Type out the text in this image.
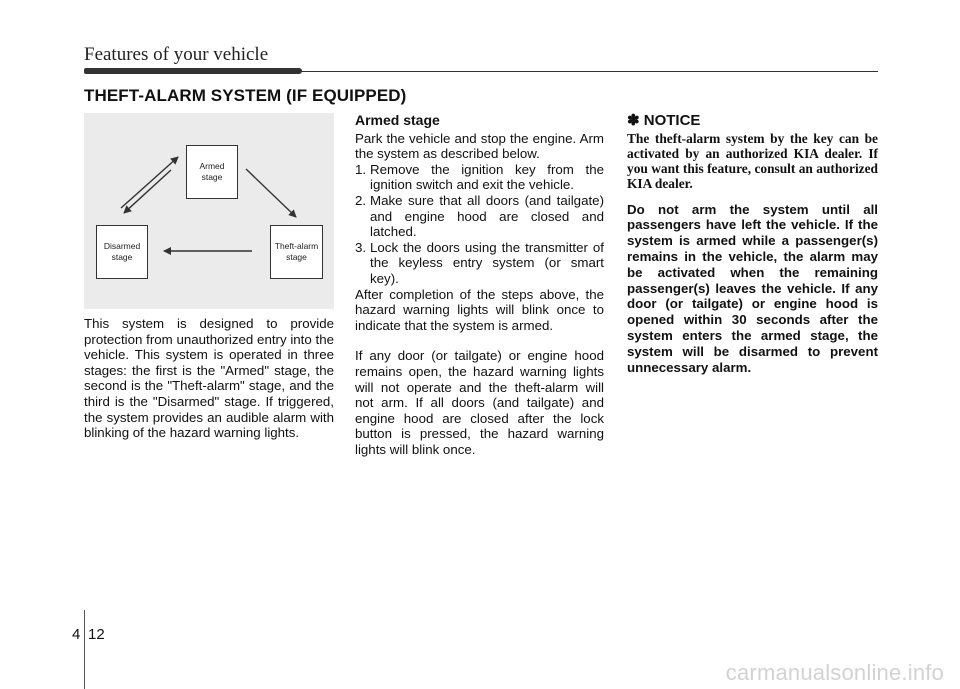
Features of your vehicle
THEFT-ALARM SYSTEM (IF EQUIPPED)
Armed
stage
Disarmed
stage
Theft-alarm
stage

This system is designed to provide protection from unauthorized entry into the vehicle. This system is operated in three stages: the first is the "Armed" stage, the second is the "Theft-alarm" stage, and the third is the "Disarmed" stage. If triggered, the system provides an audible alarm with blinking of the hazard warning lights.

Armed stage

Park the vehicle and stop the engine. Arm the system as described below.

1. Remove the ignition key from the ignition switch and exit the vehicle.
2. Make sure that all doors (and tailgate) and engine hood are closed and latched.
3. Lock the doors using the transmitter of the keyless entry system (or smart key).

After completion of the steps above, the hazard warning lights will blink once to indicate that the system is armed.

If any door (or tailgate) or engine hood remains open, the hazard warning lights will not operate and the theft-alarm will not arm. If all doors (and tailgate) and engine hood are closed after the lock button is pressed, the hazard warning lights will blink once.

✽ NOTICE

The theft-alarm system by the key can be activated by an authorized KIA dealer. If you want this feature, consult an authorized KIA dealer.

Do not arm the system until all passengers have left the vehicle. If the system is armed while a passenger(s) remains in the vehicle, the alarm may be activated when the remaining passenger(s) leaves the vehicle. If any door (or tailgate) or engine hood is opened within 30 seconds after the system enters the armed stage, the system will be disarmed to prevent unnecessary alarm.

4 12
carmanualsonline.info
